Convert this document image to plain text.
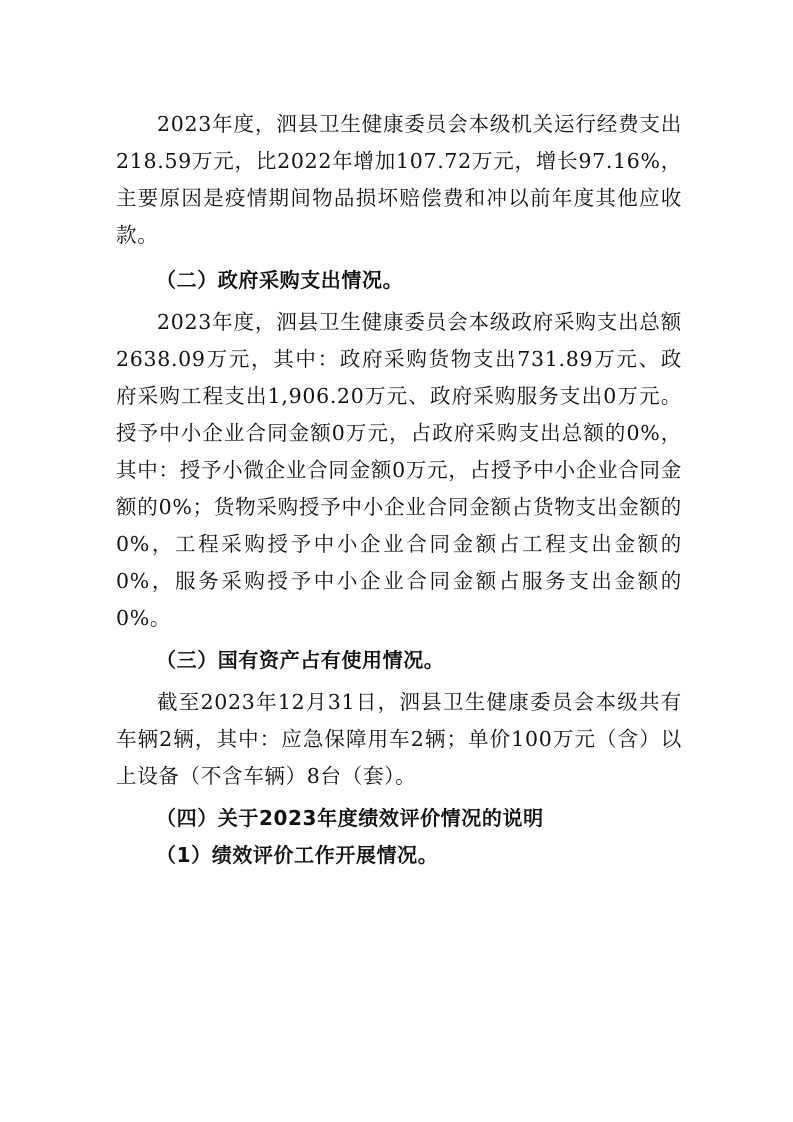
2023年度，泗县卫生健康委员会本级机关运行经费支出218.59万元，比2022年增加107.72万元，增长97.16%，主要原因是疫情期间物品损坏赔偿费和冲以前年度其他应收款。

（二）政府采购支出情况。

2023年度，泗县卫生健康委员会本级政府采购支出总额2638.09万元，其中：政府采购货物支出731.89万元、政府采购工程支出1,906.20万元、政府采购服务支出0万元。授予中小企业合同金额0万元，占政府采购支出总额的0%，其中：授予小微企业合同金额0万元，占授予中小企业合同金额的0%；货物采购授予中小企业合同金额占货物支出金额的0%，工程采购授予中小企业合同金额占工程支出金额的0%，服务采购授予中小企业合同金额占服务支出金额的0%。

（三）国有资产占有使用情况。

截至2023年12月31日，泗县卫生健康委员会本级共有车辆2辆，其中：应急保障用车2辆；单价100万元（含）以上设备（不含车辆）8台（套）。

（四）关于2023年度绩效评价情况的说明
（1）绩效评价工作开展情况。
